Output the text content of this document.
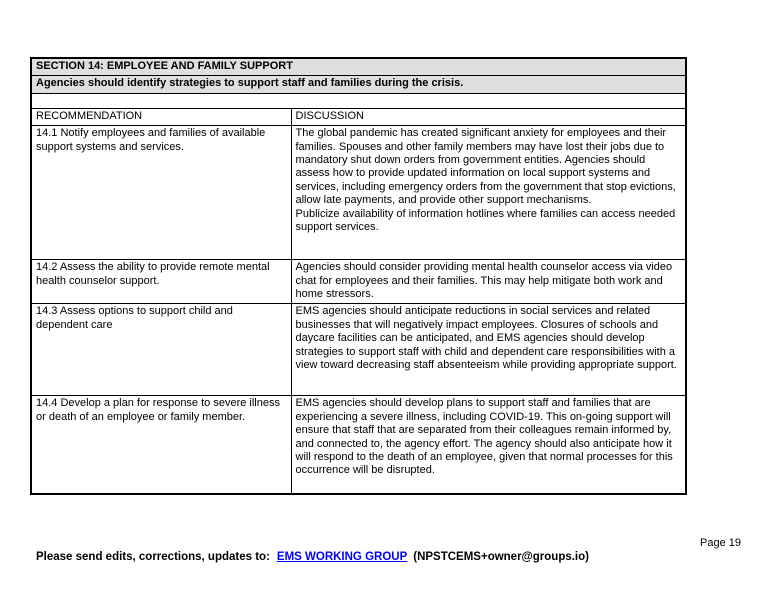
SECTION 14: EMPLOYEE AND FAMILY SUPPORT	
Agencies should identify strategies to support staff and families during the crisis.	

RECOMMENDATION	DISCUSSION
14.1 Notify employees and families of available support systems and services.	The global pandemic has created significant anxiety for employees and their families. Spouses and other family members may have lost their jobs due to mandatory shut down orders from government entities. Agencies should assess how to provide updated information on local support systems and services, including emergency orders from the government that stop evictions, allow late payments, and provide other support mechanisms.
Publicize availability of information hotlines where families can access needed support services.

14.2 Assess the ability to provide remote mental health counselor support.	Agencies should consider providing mental health counselor access via video chat for employees and their families. This may help mitigate both work and home stressors.

14.3 Assess options to support child and dependent care	EMS agencies should anticipate reductions in social services and related businesses that will negatively impact employees. Closures of schools and daycare facilities can be anticipated, and EMS agencies should develop strategies to support staff with child and dependent care responsibilities with a view toward decreasing staff absenteeism while providing appropriate support.

14.4 Develop a plan for response to severe illness or death of an employee or family member.	EMS agencies should develop plans to support staff and families that are experiencing a severe illness, including COVID-19. This on-going support will ensure that staff that are separated from their colleagues remain informed by, and connected to, the agency effort. The agency should also anticipate how it will respond to the death of an employee, given that normal processes for this occurrence will be disrupted.
Page 19
Please send edits, corrections, updates to: EMS WORKING GROUP (NPSTCEMS+owner@groups.io)
